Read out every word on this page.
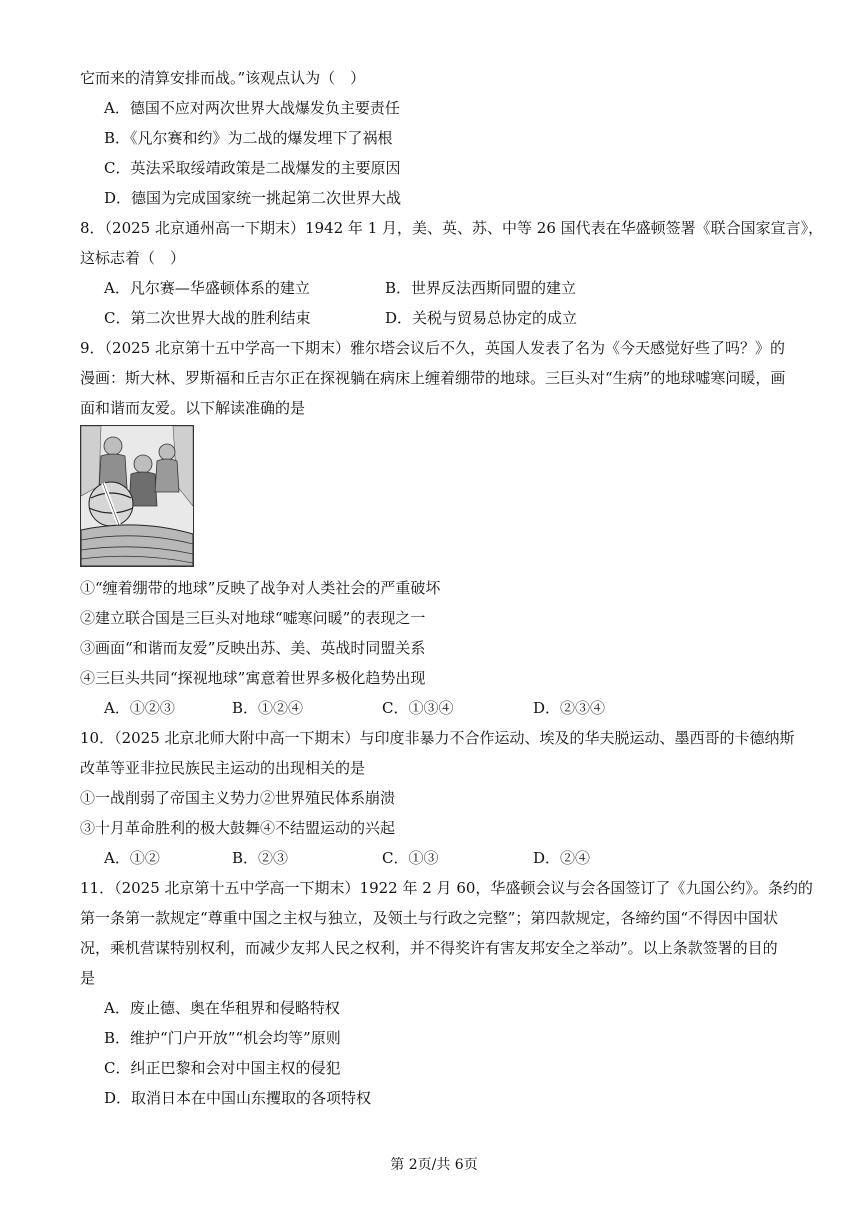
它而来的清算安排而战。”该观点认为（　）
A．德国不应对两次世界大战爆发负主要责任
B．《凡尔赛和约》为二战的爆发埋下了祸根
C．英法采取绥靖政策是二战爆发的主要原因
D．德国为完成国家统一挑起第二次世界大战
8．（2025 北京通州高一下期末）1942 年 1 月，美、英、苏、中等 26 国代表在华盛顿签署《联合国家宣言》，
这标志着（　）
A．凡尔赛—华盛顿体系的建立	B．世界反法西斯同盟的建立
C．第二次世界大战的胜利结束	D．关税与贸易总协定的成立
9．（2025 北京第十五中学高一下期末）雅尔塔会议后不久，英国人发表了名为《今天感觉好些了吗？》的
漫画：斯大林、罗斯福和丘吉尔正在探视躺在病床上缠着绷带的地球。三巨头对“生病”的地球嘘寒问暖，画
面和谐而友爱。以下解读准确的是
①“缠着绷带的地球”反映了战争对人类社会的严重破坏
②建立联合国是三巨头对地球“嘘寒问暖”的表现之一
③画面“和谐而友爱”反映出苏、美、英战时同盟关系
④三巨头共同“探视地球”寓意着世界多极化趋势出现
A．①②③	B．①②④	C．①③④	D．②③④
10．（2025 北京北师大附中高一下期末）与印度非暴力不合作运动、埃及的华夫脱运动、墨西哥的卡德纳斯
改革等亚非拉民族民主运动的出现相关的是
①一战削弱了帝国主义势力②世界殖民体系崩溃
③十月革命胜利的极大鼓舞④不结盟运动的兴起
A．①②	B．②③	C．①③	D．②④
11．（2025 北京第十五中学高一下期末）1922 年 2 月 60，华盛顿会议与会各国签订了《九国公约》。条约的
第一条第一款规定“尊重中国之主权与独立，及领土与行政之完整”；第四款规定，各缔约国“不得因中国状
况，乘机营谋特别权利，而减少友邦人民之权利，并不得奖许有害友邦安全之举动”。以上条款签署的目的
是
A．废止德、奥在华租界和侵略特权
B．维护“门户开放”“机会均等”原则
C．纠正巴黎和会对中国主权的侵犯
D．取消日本在中国山东攫取的各项特权
第 2页/共 6页
